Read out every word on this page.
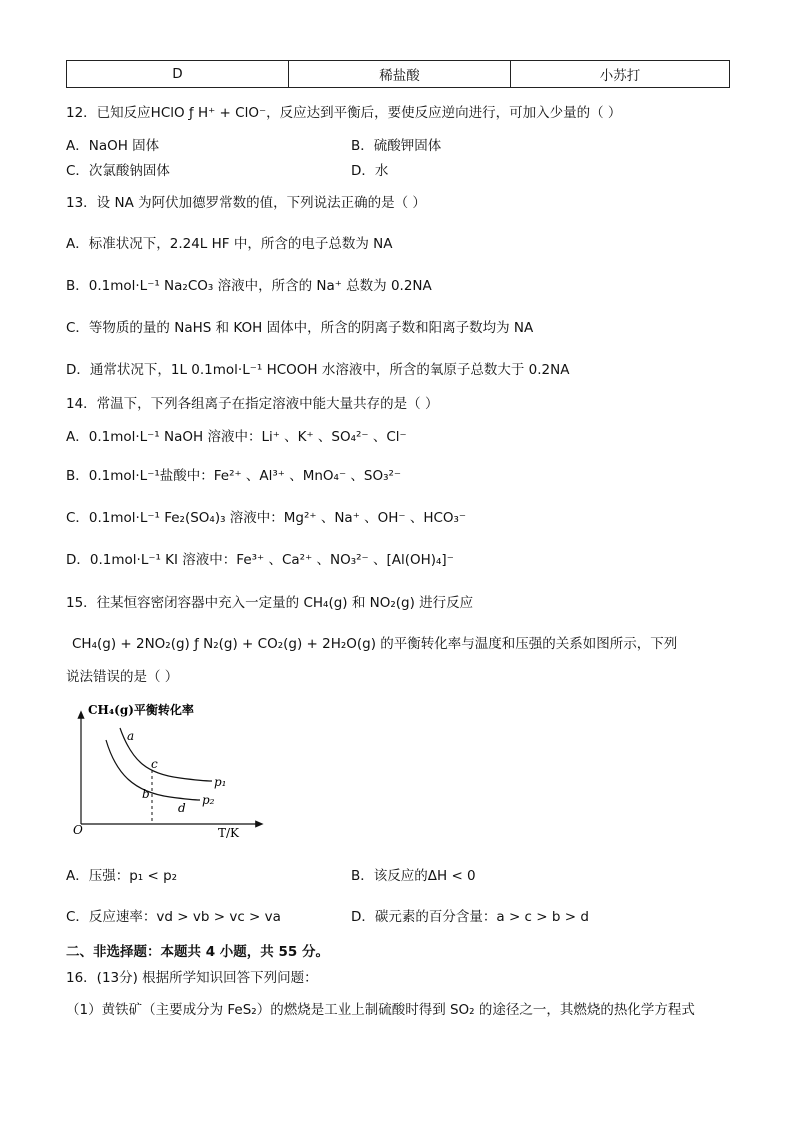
D	稀盐酸	小苏打
12．已知反应HClO ƒ H⁺ + ClO⁻，反应达到平衡后，要使反应逆向进行，可加入少量的（ ）
A．NaOH 固体	B．硫酸钾固体
C．次氯酸钠固体	D．水
13．设 NA 为阿伏加德罗常数的值，下列说法正确的是（ ）
A．标准状况下，2.24L HF 中，所含的电子总数为 NA
B．0.1mol·L⁻¹ Na₂CO₃ 溶液中，所含的 Na⁺ 总数为 0.2NA
C．等物质的量的 NaHS 和 KOH 固体中，所含的阴离子数和阳离子数均为 NA
D．通常状况下，1L 0.1mol·L⁻¹ HCOOH 水溶液中，所含的氧原子总数大于 0.2NA
14．常温下，下列各组离子在指定溶液中能大量共存的是（ ）
A．0.1mol·L⁻¹ NaOH 溶液中：Li⁺ 、K⁺ 、SO₄²⁻ 、Cl⁻
B．0.1mol·L⁻¹盐酸中：Fe²⁺ 、Al³⁺ 、MnO₄⁻ 、SO₃²⁻
C．0.1mol·L⁻¹ Fe₂(SO₄)₃ 溶液中：Mg²⁺ 、Na⁺ 、OH⁻ 、HCO₃⁻
D．0.1mol·L⁻¹ KI 溶液中：Fe³⁺ 、Ca²⁺ 、NO₃²⁻ 、[Al(OH)₄]⁻
15．往某恒容密闭容器中充入一定量的 CH₄(g) 和 NO₂(g) 进行反应
CH₄(g) + 2NO₂(g) ƒ N₂(g) + CO₂(g) + 2H₂O(g) 的平衡转化率与温度和压强的关系如图所示，下列
说法错误的是（ ）
CH₄(g)平衡转化率
T/K
O
a
c
b
d
p₁
p₂
A．压强：p₁ < p₂	B．该反应的ΔH < 0
C．反应速率：vd > vb > vc > va	D．碳元素的百分含量：a > c > b > d
二、非选择题：本题共 4 小题，共 55 分。
16．(13分) 根据所学知识回答下列问题：
（1）黄铁矿（主要成分为 FeS₂）的燃烧是工业上制硫酸时得到 SO₂ 的途径之一，其燃烧的热化学方程式
